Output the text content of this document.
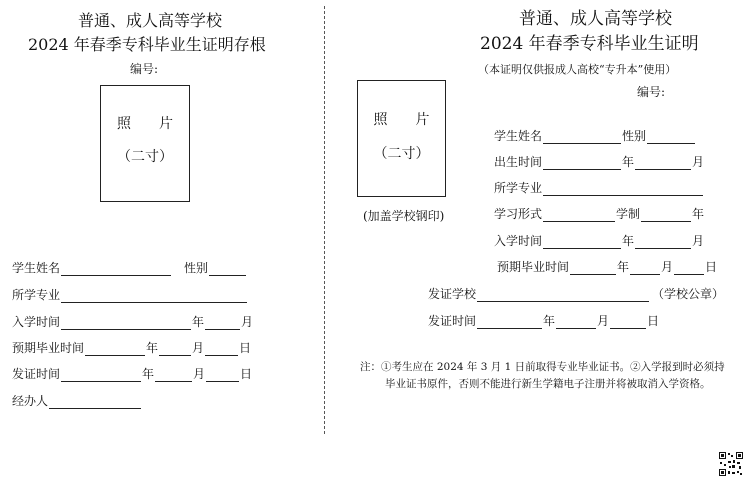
普通、成人高等学校
2024 年春季专科毕业生证明存根
编号:
照　　片
（二寸）
学生姓名	性别
所学专业
入学时间	年	月
预期毕业时间	年	月	日
发证时间	年	月	日
经办人
普通、成人高等学校
2024 年春季专科毕业生证明
（本证明仅供报成人高校“专升本”使用）
编号:
照　　片
（二寸）
(加盖学校钢印)
学生姓名	性别
出生时间	年	月
所学专业
学习形式	学制	年
入学时间	年	月
预期毕业时间	年	月	日
发证学校	（学校公章）
发证时间	年	月	日
注：①考生应在 2024 年 3 月 1 日前取得专业毕业证书。②入学报到时必须持
毕业证书原件，否则不能进行新生学籍电子注册并将被取消入学资格。
